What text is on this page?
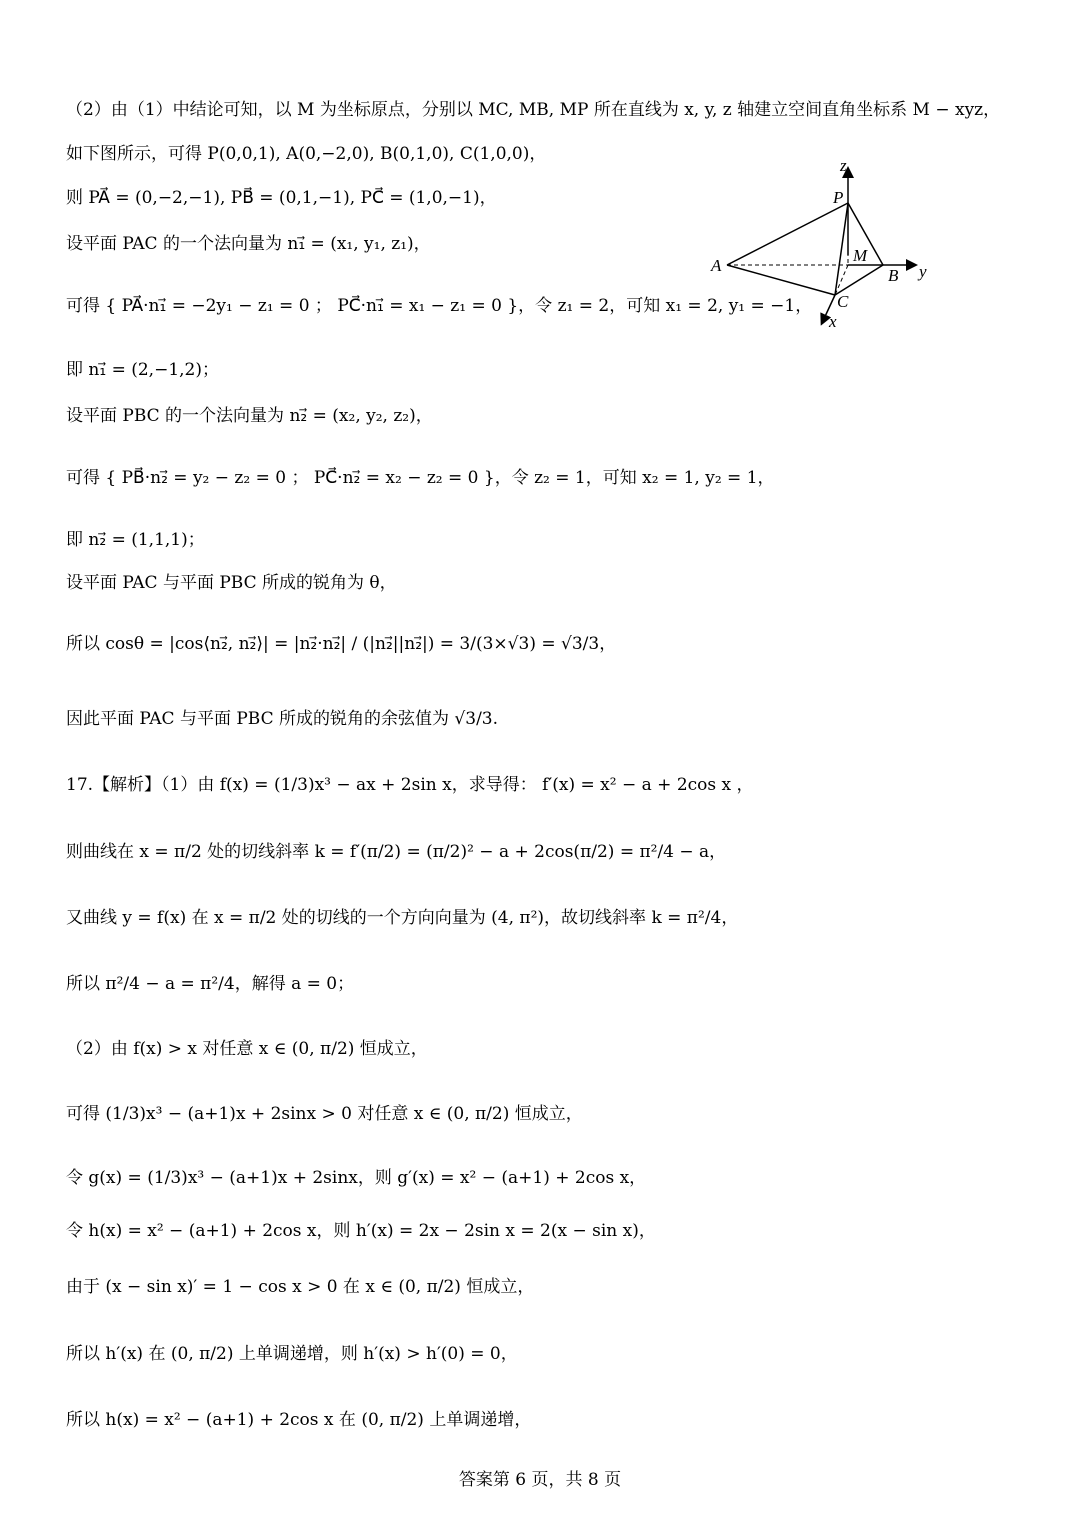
（2）由（1）中结论可知，以 M 为坐标原点，分别以 MC, MB, MP 所在直线为 x, y, z 轴建立空间直角坐标系 M − xyz，
如下图所示，可得 P(0,0,1), A(0,−2,0), B(0,1,0), C(1,0,0)，
则 PA⃗ = (0,−2,−1), PB⃗ = (0,1,−1), PC⃗ = (1,0,−1)，
设平面 PAC 的一个法向量为 n₁⃗ = (x₁, y₁, z₁)，
可得 { PA⃗·n₁⃗ = −2y₁ − z₁ = 0 ； PC⃗·n₁⃗ = x₁ − z₁ = 0 }，令 z₁ = 2，可知 x₁ = 2, y₁ = −1，
即 n₁⃗ = (2,−1,2)；
设平面 PBC 的一个法向量为 n₂⃗ = (x₂, y₂, z₂)，
可得 { PB⃗·n₂⃗ = y₂ − z₂ = 0 ； PC⃗·n₂⃗ = x₂ − z₂ = 0 }，令 z₂ = 1，可知 x₂ = 1, y₂ = 1，
即 n₂⃗ = (1,1,1)；
设平面 PAC 与平面 PBC 所成的锐角为 θ，
所以 cosθ = |cos⟨n₂⃗, n₂⃗⟩| = |n₂⃗·n₂⃗| / (|n₂⃗||n₂⃗|) = 3/(3×√3) = √3/3，
因此平面 PAC 与平面 PBC 所成的锐角的余弦值为 √3/3.
17.【解析】（1）由 f(x) = (1/3)x³ − ax + 2sin x，求导得： f′(x) = x² − a + 2cos x ，
则曲线在 x = π/2 处的切线斜率 k = f′(π/2) = (π/2)² − a + 2cos(π/2) = π²/4 − a，
又曲线 y = f(x) 在 x = π/2 处的切线的一个方向向量为 (4, π²)，故切线斜率 k = π²/4，
所以 π²/4 − a = π²/4，解得 a = 0；
（2）由 f(x) > x 对任意 x ∈ (0, π/2) 恒成立，
可得 (1/3)x³ − (a+1)x + 2sinx > 0 对任意 x ∈ (0, π/2) 恒成立，
令 g(x) = (1/3)x³ − (a+1)x + 2sinx，则 g′(x) = x² − (a+1) + 2cos x，
令 h(x) = x² − (a+1) + 2cos x，则 h′(x) = 2x − 2sin x = 2(x − sin x)，
由于 (x − sin x)′ = 1 − cos x > 0 在 x ∈ (0, π/2) 恒成立，
所以 h′(x) 在 (0, π/2) 上单调递增，则 h′(x) > h′(0) = 0，
所以 h(x) = x² − (a+1) + 2cos x 在 (0, π/2) 上单调递增，
z
P
A
M
B y
C
x
答案第 6 页，共 8 页
